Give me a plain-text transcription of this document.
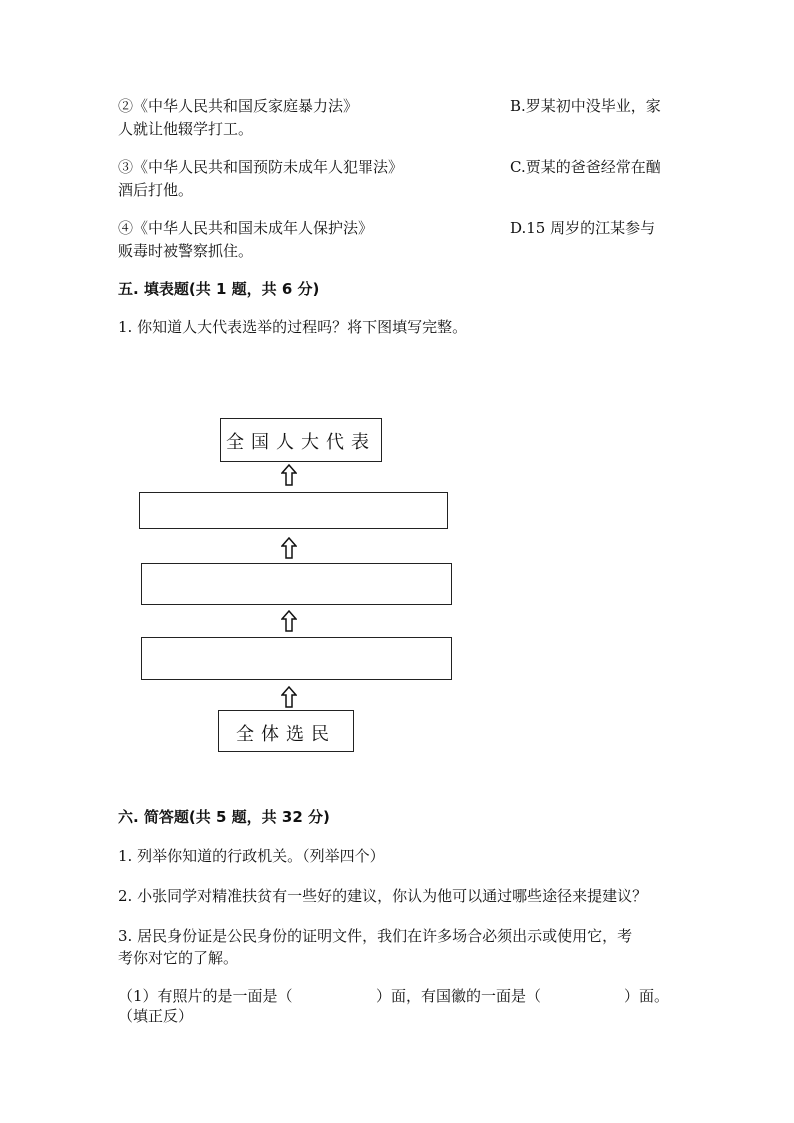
②《中华人民共和国反家庭暴力法》	B.罗某初中没毕业，家
人就让他辍学打工。
③《中华人民共和国预防未成年人犯罪法》	C.贾某的爸爸经常在酗
酒后打他。
④《中华人民共和国未成年人保护法》	D.15 周岁的江某参与
贩毒时被警察抓住。
五. 填表题(共 1 题，共 6 分)
1. 你知道人大代表选举的过程吗？将下图填写完整。
全国人大代表
全体选民
六. 简答题(共 5 题，共 32 分)
1. 列举你知道的行政机关。（列举四个）
2. 小张同学对精准扶贫有一些好的建议，你认为他可以通过哪些途径来提建议？
3. 居民身份证是公民身份的证明文件，我们在许多场合必须出示或使用它，考
考你对它的了解。
（1）有照片的是一面是（	）面，有国徽的一面是（	）面。
（填正反）
